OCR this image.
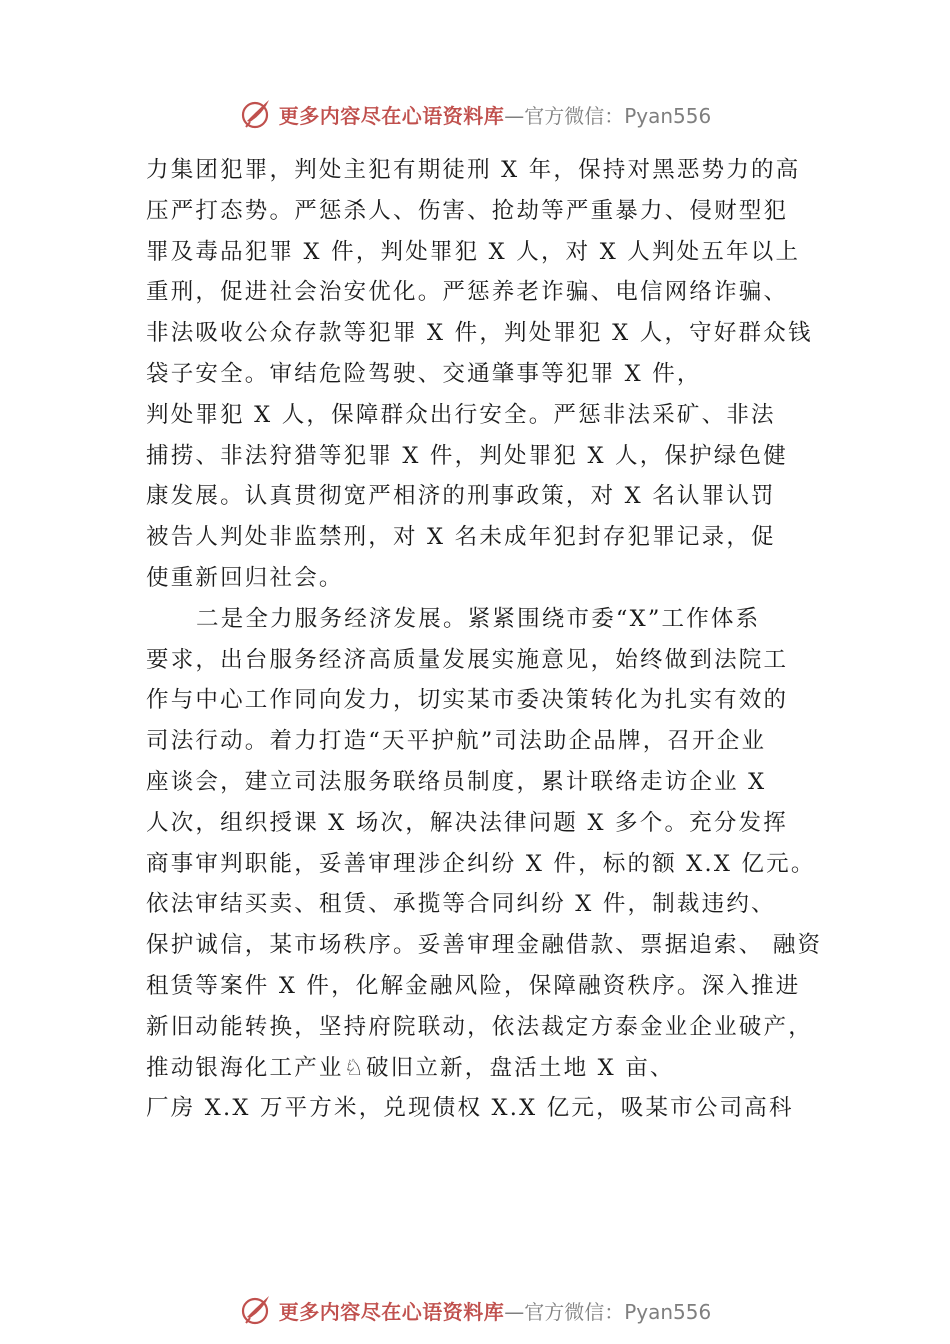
更多内容尽在心语资料库 —官方微信：Pyan556
力集团犯罪，判处主犯有期徒刑 X 年，保持对黑恶势力的高
压严打态势。严惩杀人、伤害、抢劫等严重暴力、侵财型犯
罪及毒品犯罪 X 件，判处罪犯 X 人，对 X 人判处五年以上
重刑，促进社会治安优化。严惩养老诈骗、电信网络诈骗、
非法吸收公众存款等犯罪 X 件，判处罪犯 X 人，守好群众钱
袋子安全。审结危险驾驶、交通肇事等犯罪 X 件，
判处罪犯 X 人，保障群众出行安全。严惩非法采矿、非法
捕捞、非法狩猎等犯罪 X 件，判处罪犯 X 人，保护绿色健
康发展。认真贯彻宽严相济的刑事政策，对 X 名认罪认罚
被告人判处非监禁刑，对 X 名未成年犯封存犯罪记录，促
使重新回归社会。
二是全力服务经济发展。紧紧围绕市委“X”工作体系
要求，出台服务经济高质量发展实施意见，始终做到法院工
作与中心工作同向发力，切实某市委决策转化为扎实有效的
司法行动。着力打造“天平护航”司法助企品牌，召开企业
座谈会，建立司法服务联络员制度，累计联络走访企业 X
人次，组织授课 X 场次，解决法律问题 X 多个。充分发挥
商事审判职能，妥善审理涉企纠纷 X 件，标的额 X.X 亿元。
依法审结买卖、租赁、承揽等合同纠纷 X 件，制裁违约、
保护诚信，某市场秩序。妥善审理金融借款、票据追索、 融资
租赁等案件 X 件，化解金融风险，保障融资秩序。深入推进
新旧动能转换，坚持府院联动，依法裁定方泰金业企业破产，
推动银海化工产业♘破旧立新，盘活土地 X 亩、
厂房 X.X 万平方米，兑现债权 X.X 亿元，吸某市公司高科
更多内容尽在心语资料库 —官方微信：Pyan556
